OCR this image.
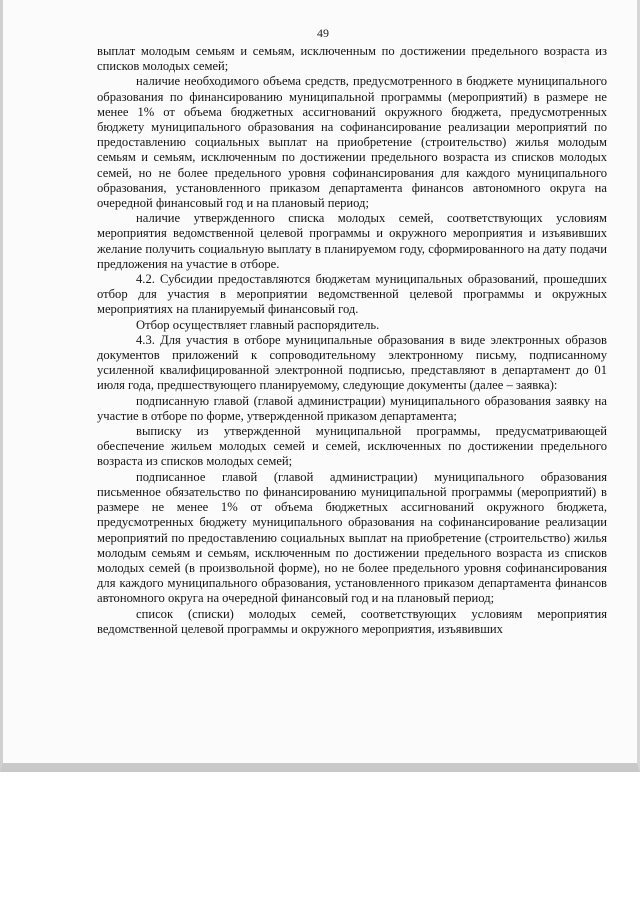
49

выплат молодым семьям и семьям, исключенным по достижении предельного возраста из списков молодых семей;

наличие необходимого объема средств, предусмотренного в бюджете муниципального образования по финансированию муниципальной программы (мероприятий) в размере не менее 1% от объема бюджетных ассигнований окружного бюджета, предусмотренных бюджету муниципального образования на софинансирование реализации мероприятий по предоставлению социальных выплат на приобретение (строительство) жилья молодым семьям и семьям, исключенным по достижении предельного возраста из списков молодых семей, но не более предельного уровня софинансирования для каждого муниципального образования, установленного приказом департамента финансов автономного округа на очередной финансовый год и на плановый период;

наличие утвержденного списка молодых семей, соответствующих условиям мероприятия ведомственной целевой программы и окружного мероприятия и изъявивших желание получить социальную выплату в планируемом году, сформированного на дату подачи предложения на участие в отборе.

4.2. Субсидии предоставляются бюджетам муниципальных образований, прошедших отбор для участия в мероприятии ведомственной целевой программы и окружных мероприятиях на планируемый финансовый год.

Отбор осуществляет главный распорядитель.

4.3. Для участия в отборе муниципальные образования в виде электронных образов документов приложений к сопроводительному электронному письму, подписанному усиленной квалифицированной электронной подписью, представляют в департамент до 01 июля года, предшествующего планируемому, следующие документы (далее – заявка):

подписанную главой (главой администрации) муниципального образования заявку на участие в отборе по форме, утвержденной приказом департамента;

выписку из утвержденной муниципальной программы, предусматривающей обеспечение жильем молодых семей и семей, исключенных по достижении предельного возраста из списков молодых семей;

подписанное главой (главой администрации) муниципального образования письменное обязательство по финансированию муниципальной программы (мероприятий) в размере не менее 1% от объема бюджетных ассигнований окружного бюджета, предусмотренных бюджету муниципального образования на софинансирование реализации мероприятий по предоставлению социальных выплат на приобретение (строительство) жилья молодым семьям и семьям, исключенным по достижении предельного возраста из списков молодых семей (в произвольной форме), но не более предельного уровня софинансирования для каждого муниципального образования, установленного приказом департамента финансов автономного округа на очередной финансовый год и на плановый период;

список (списки) молодых семей, соответствующих условиям мероприятия ведомственной целевой программы и окружного мероприятия, изъявивших
